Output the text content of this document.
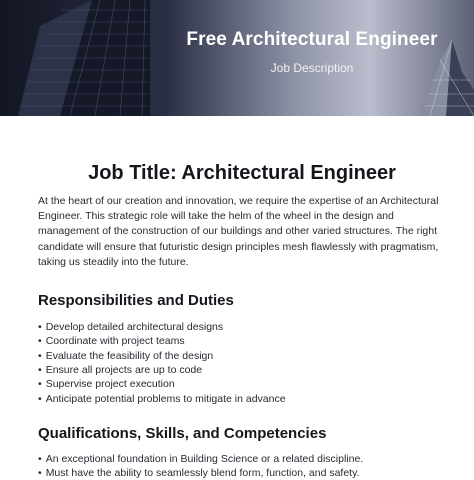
Free Architectural Engineer
Job Description
Job Title: Architectural Engineer

At the heart of our creation and innovation, we require the expertise of an Architectural Engineer. This strategic role will take the helm of the wheel in the design and management of the construction of our buildings and other varied structures. The right candidate will ensure that futuristic design principles mesh flawlessly with pragmatism, taking us steadily into the future.

Responsibilities and Duties
• Develop detailed architectural designs
• Coordinate with project teams
• Evaluate the feasibility of the design
• Ensure all projects are up to code
• Supervise project execution
• Anticipate potential problems to mitigate in advance
Qualifications, Skills, and Competencies
• An exceptional foundation in Building Science or a related discipline.
• Must have the ability to seamlessly blend form, function, and safety.
